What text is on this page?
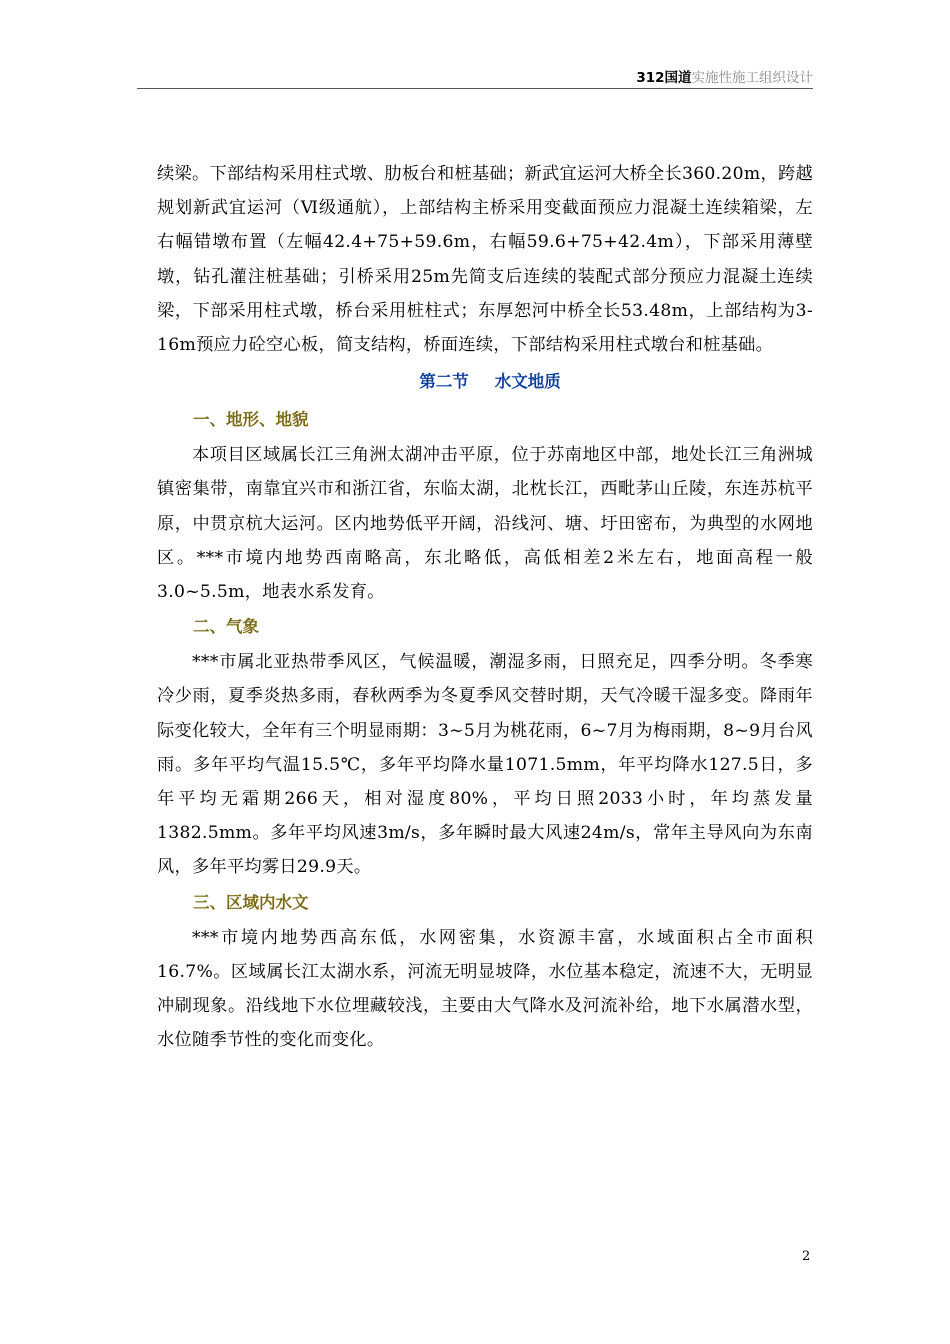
312国道实施性施工组织设计

续梁。下部结构采用柱式墩、肋板台和桩基础；新武宜运河大桥全长360.20m，跨越规划新武宜运河（Ⅵ级通航），上部结构主桥采用变截面预应力混凝土连续箱梁，左右幅错墩布置（左幅42.4+75+59.6m，右幅59.6+75+42.4m），下部采用薄壁墩，钻孔灌注桩基础；引桥采用25m先简支后连续的装配式部分预应力混凝土连续梁，下部采用柱式墩，桥台采用桩柱式；东厚恕河中桥全长53.48m，上部结构为3-16m预应力砼空心板，简支结构，桥面连续，下部结构采用柱式墩台和桩基础。

第二节 水文地质
一、地形、地貌

本项目区域属长江三角洲太湖冲击平原，位于苏南地区中部，地处长江三角洲城镇密集带，南靠宜兴市和浙江省，东临太湖，北枕长江，西毗茅山丘陵，东连苏杭平原，中贯京杭大运河。区内地势低平开阔，沿线河、塘、圩田密布，为典型的水网地区。***市境内地势西南略高，东北略低，高低相差2米左右，地面高程一般3.0~5.5m，地表水系发育。

二、气象

***市属北亚热带季风区，气候温暖，潮湿多雨，日照充足，四季分明。冬季寒冷少雨，夏季炎热多雨，春秋两季为冬夏季风交替时期，天气冷暖干湿多变。降雨年际变化较大，全年有三个明显雨期：3~5月为桃花雨，6~7月为梅雨期，8~9月台风雨。多年平均气温15.5℃，多年平均降水量1071.5mm，年平均降水127.5日，多年平均无霜期266天，相对湿度80%，平均日照2033小时，年均蒸发量1382.5mm。多年平均风速3m/s，多年瞬时最大风速24m/s，常年主导风向为东南风，多年平均雾日29.9天。

三、区域内水文

***市境内地势西高东低，水网密集，水资源丰富，水域面积占全市面积16.7%。区域属长江太湖水系，河流无明显坡降，水位基本稳定，流速不大，无明显冲刷现象。沿线地下水位埋藏较浅，主要由大气降水及河流补给，地下水属潜水型，水位随季节性的变化而变化。

2
